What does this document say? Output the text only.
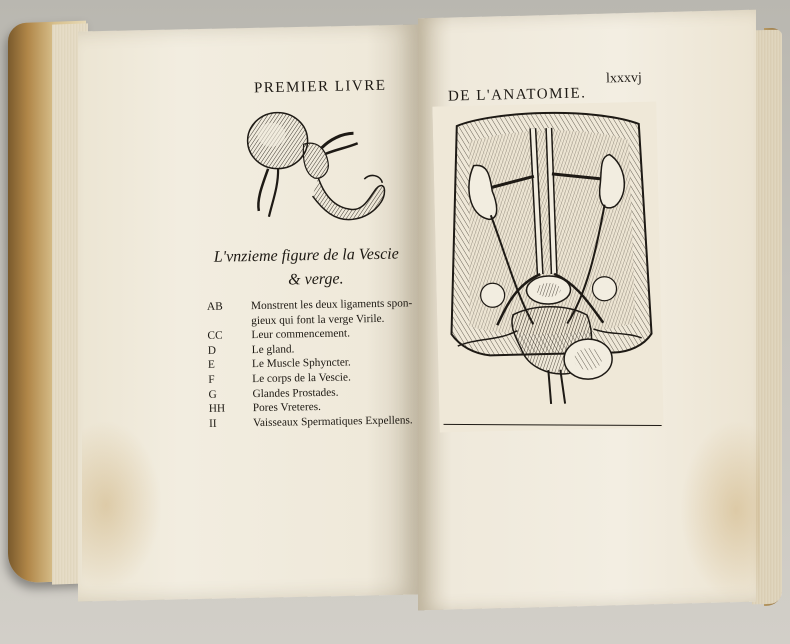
PREMIER LIVRE	DE L'ANATOMIE.
lxxxvj
L'vnzieme figure de la Vescie
& verge.
AB	Monstrent les deux ligaments spon-
gieux qui font la verge Virile.
CC	Leur commencement.
D	Le gland.
E	Le Muscle Sphyncter.
F	Le corps de la Vescie.
G	Glandes Prostades.
HH	Pores Vreteres.
II	Vaisseaux Spermatiques Expellens.
